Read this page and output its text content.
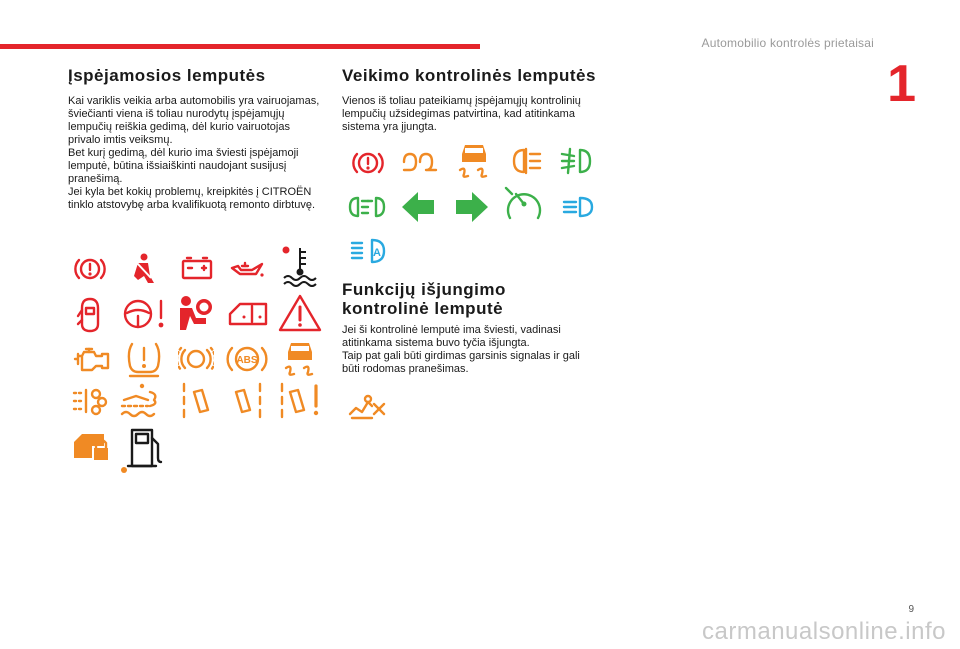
Automobilio kontrolės prietaisai
1
Įspėjamosios lemputės
Kai variklis veikia arba automobilis yra vairuojamas,
šviečianti viena iš toliau nurodytų įspėjamųjų
lempučių reiškia gedimą, dėl kurio vairuotojas
privalo imtis veiksmų.
Bet kurį gedimą, dėl kurio ima šviesti įspėjamoji
lemputė, būtina išsiaiškinti naudojant susijusį
pranešimą.
Jei kyla bet kokių problemų, kreipkitės į CITROËN
tinklo atstovybę arba kvalifikuotą remonto dirbtuvę.
Veikimo kontrolinės lemputės
Vienos iš toliau pateikiamų įspėjamųjų kontrolinių
lempučių užsidegimas patvirtina, kad atitinkama
sistema yra įjungta.
Funkcijų išjungimo
kontrolinė lemputė
Jei ši kontrolinė lemputė ima šviesti, vadinasi
atitinkama sistema buvo tyčia išjungta.
Taip pat gali būti girdimas garsinis signalas ir gali
būti rodomas pranešimas.
ABS
A
9
carmanualsonline.info
